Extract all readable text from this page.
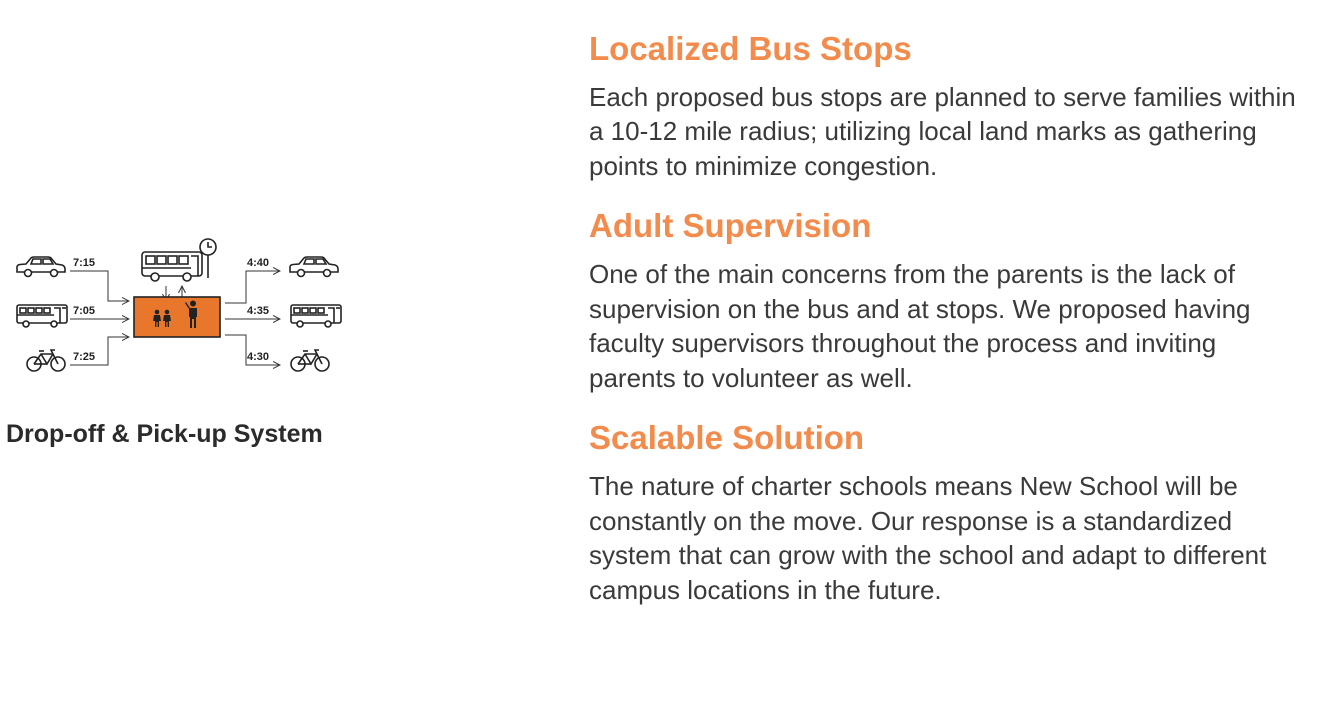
7:15
7:05
7:25
4:40
4:35
4:30
Drop-off & Pick-up System
Localized Bus Stops

Each proposed bus stops are planned to serve families within a 10-12 mile radius; utilizing local land marks as gathering points to minimize congestion.

Adult Supervision

One of the main concerns from the parents is the lack of supervision on the bus and at stops. We proposed having faculty supervisors throughout the process and inviting parents to volunteer as well.

Scalable Solution

The nature of charter schools means New School will be constantly on the move. Our response is a standardized system that can grow with the school and adapt to different campus locations in the future.
